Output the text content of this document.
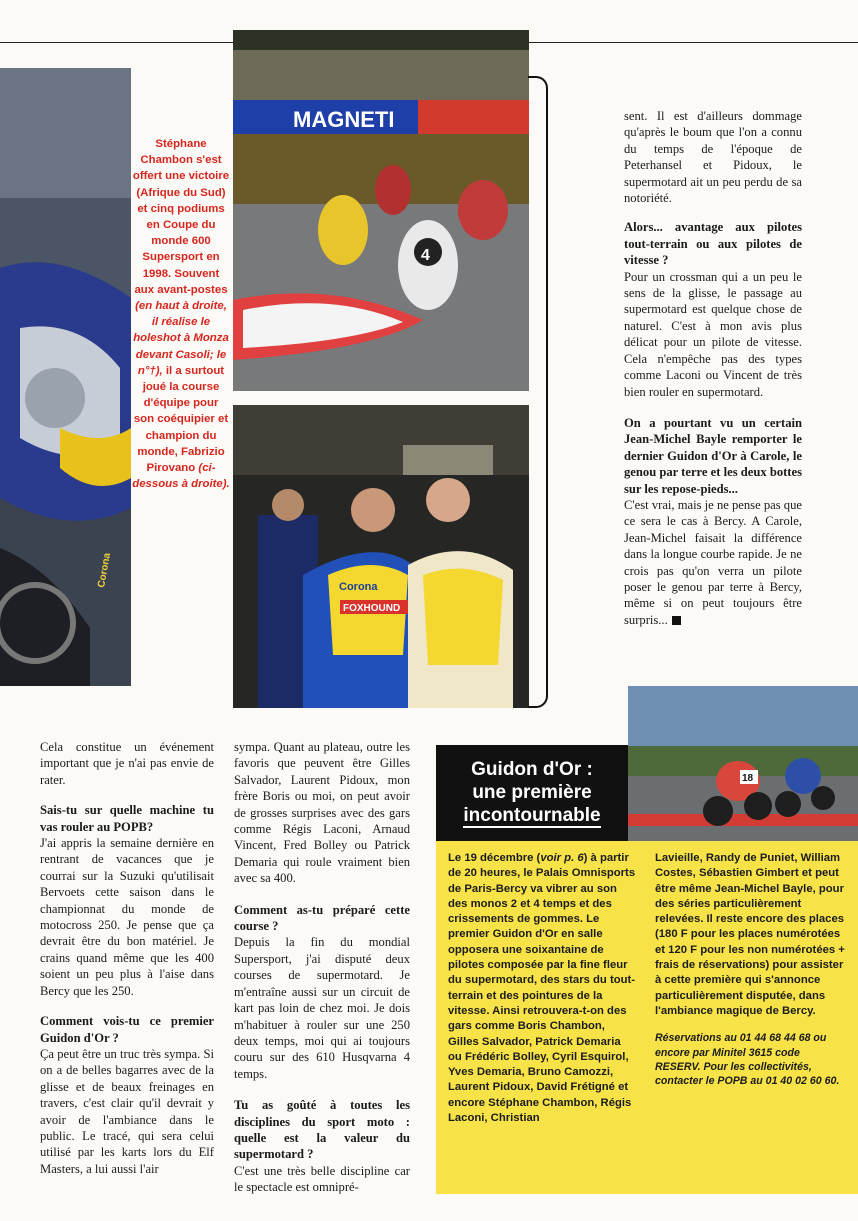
Corona
Stéphane Chambon s'est offert une victoire (Afrique du Sud) et cinq podiums en Coupe du monde 600 Supersport en 1998. Souvent aux avant-postes (en haut à droite, il réalise le holeshot à Monza devant Casoli; le n°†), il a surtout joué la course d'équipe pour son coéquipier et champion du monde, Fabrizio Pirovano (ci-dessous à droite).
MAGNETI
4
FOXHOUND
Corona

sent. Il est d'ailleurs dommage qu'après le boum que l'on a connu du temps de l'époque de Peterhansel et Pidoux, le supermotard ait un peu perdu de sa notoriété.

Alors... avantage aux pilotes tout-terrain ou aux pilotes de vitesse ?

Pour un crossman qui a un peu le sens de la glisse, le passage au supermotard est quelque chose de naturel. C'est à mon avis plus délicat pour un pilote de vitesse. Cela n'empêche pas des types comme Laconi ou Vincent de très bien rouler en supermotard.

On a pourtant vu un certain Jean-Michel Bayle remporter le dernier Guidon d'Or à Carole, le genou par terre et les deux bottes sur les repose-pieds...

C'est vrai, mais je ne pense pas que ce sera le cas à Bercy. A Carole, Jean-Michel faisait la différence dans la longue courbe rapide. Je ne crois pas qu'on verra un pilote poser le genou par terre à Bercy, même si on peut toujours être surpris...

Cela constitue un événement important que je n'ai pas envie de rater.

Sais-tu sur quelle machine tu vas rouler au POPB?

J'ai appris la semaine dernière en rentrant de vacances que je courrai sur la Suzuki qu'utilisait Bervoets cette saison dans le championnat du monde de motocross 250. Je pense que ça devrait être du bon matériel. Je crains quand même que les 400 soient un peu plus à l'aise dans Bercy que les 250.

Comment vois-tu ce premier Guidon d'Or ?

Ça peut être un truc très sympa. Si on a de belles bagarres avec de la glisse et de beaux freinages en travers, c'est clair qu'il devrait y avoir de l'ambiance dans le public. Le tracé, qui sera celui utilisé par les karts lors du Elf Masters, a lui aussi l'air

sympa. Quant au plateau, outre les favoris que peuvent être Gilles Salvador, Laurent Pidoux, mon frère Boris ou moi, on peut avoir de grosses surprises avec des gars comme Régis Laconi, Arnaud Vincent, Fred Bolley ou Patrick Demaria qui roule vraiment bien avec sa 400.

Comment as-tu préparé cette course ?

Depuis la fin du mondial Supersport, j'ai disputé deux courses de supermotard. Je m'entraîne aussi sur un circuit de kart pas loin de chez moi. Je dois m'habituer à rouler sur une 250 deux temps, moi qui ai toujours couru sur des 610 Husqvarna 4 temps.

Tu as goûté à toutes les disciplines du sport moto : quelle est la valeur du supermotard ?

C'est une très belle discipline car le spectacle est omnipré-

Guidon d'Or :
une première
incontournable
18

Le 19 décembre (voir p. 6) à partir de 20 heures, le Palais Omnisports de Paris-Bercy va vibrer au son des monos 2 et 4 temps et des crissements de gommes. Le premier Guidon d'Or en salle opposera une soixantaine de pilotes composée par la fine fleur du supermotard, des stars du tout-terrain et des pointures de la vitesse. Ainsi retrouvera-t-on des gars comme Boris Chambon, Gilles Salvador, Patrick Demaria ou Frédéric Bolley, Cyril Esquirol, Yves Demaria, Bruno Camozzi, Laurent Pidoux, David Frétigné et encore Stéphane Chambon, Régis Laconi, Christian

Lavieille, Randy de Puniet, William Costes, Sébastien Gimbert et peut être même Jean-Michel Bayle, pour des séries particulièrement relevées. Il reste encore des places (180 F pour les places numérotées et 120 F pour les non numérotées + frais de réservations) pour assister à cette première qui s'annonce particulièrement disputée, dans l'ambiance magique de Bercy.

Réservations au 01 44 68 44 68 ou encore par Minitel 3615 code RESERV. Pour les collectivités, contacter le POPB au 01 40 02 60 60.
